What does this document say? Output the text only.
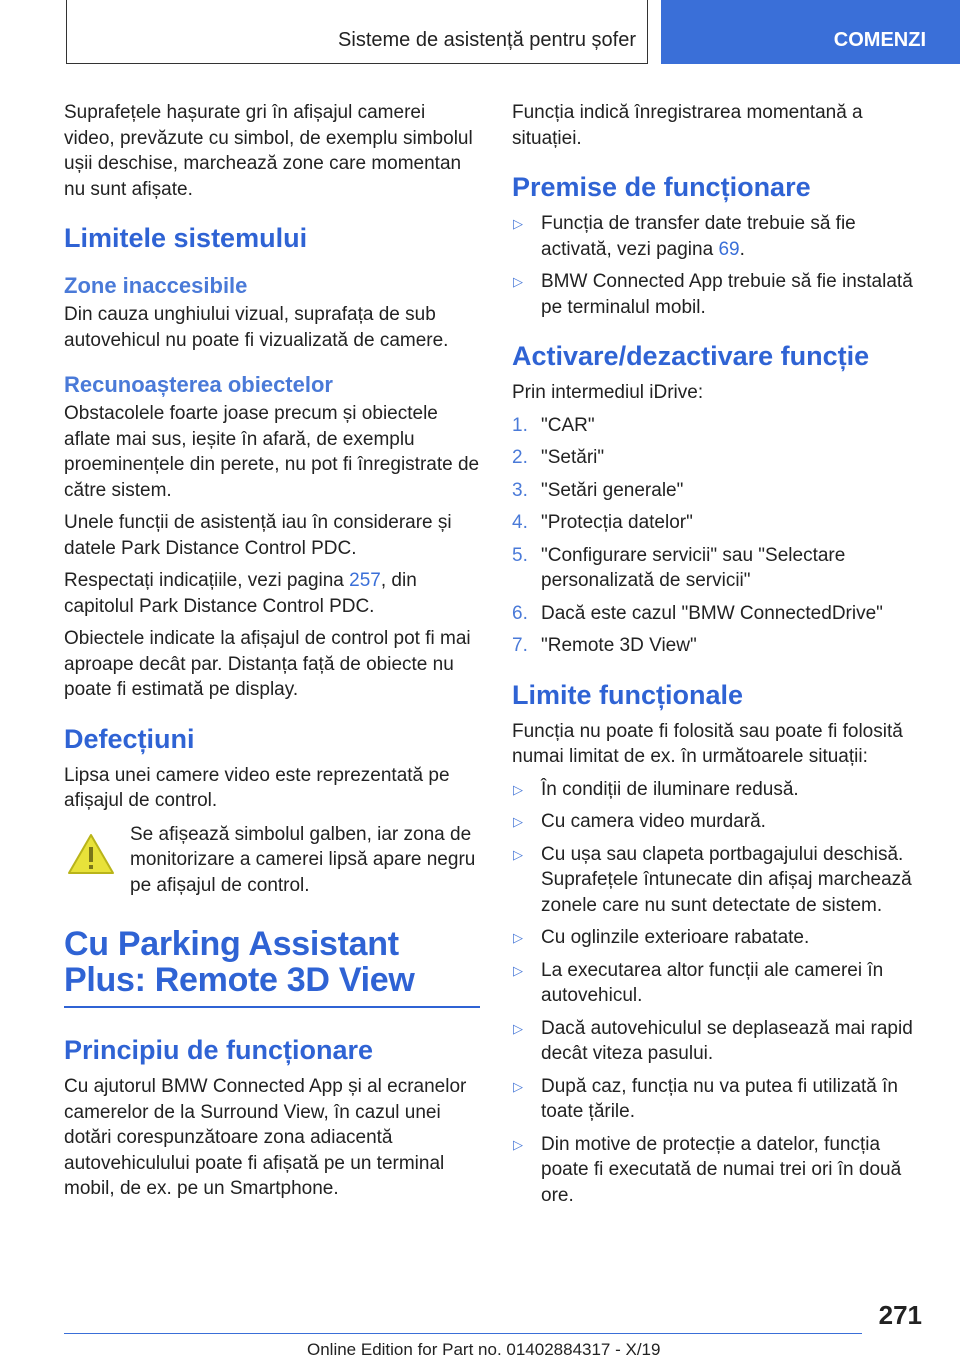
Sisteme de asistență pentru șofer	COMENZI

Suprafețele hașurate gri în afișajul camerei video, prevăzute cu simbol, de exemplu simbolul ușii deschise, marchează zone care momentan nu sunt afișate.

Limitele sistemului
Zone inaccesibile

Din cauza unghiului vizual, suprafața de sub autovehicul nu poate fi vizualizată de camere.

Recunoașterea obiectelor

Obstacolele foarte joase precum și obiectele aflate mai sus, ieșite în afară, de exemplu proeminențele din perete, nu pot fi înregistrate de către sistem.

Unele funcții de asistență iau în considerare și datele Park Distance Control PDC.

Respectați indicațiile, vezi pagina 257, din capitolul Park Distance Control PDC.

Obiectele indicate la afișajul de control pot fi mai aproape decât par. Distanța față de obiecte nu poate fi estimată pe display.

Defecțiuni

Lipsa unei camere video este reprezentată pe afișajul de control.

Se afișează simbolul galben, iar zona de monitorizare a camerei lipsă apare negru pe afișajul de control.

Cu Parking Assistant Plus: Remote 3D View
Principiu de funcționare

Cu ajutorul BMW Connected App și al ecranelor camerelor de la Surround View, în cazul unei dotări corespunzătoare zona adiacentă autovehiculului poate fi afișată pe un terminal mobil, de ex. pe un Smartphone.

Funcția indică înregistrarea momentană a situației.

Premise de funcționare
▷ Funcția de transfer date trebuie să fie activată, vezi pagina 69.
▷ BMW Connected App trebuie să fie instalată pe terminalul mobil.
Activare/dezactivare funcție

Prin intermediul iDrive:

1. "CAR"
2. "Setări"
3. "Setări generale"
4. "Protecția datelor"
5. "Configurare servicii" sau "Selectare personalizată de servicii"
6. Dacă este cazul "BMW ConnectedDrive"
7. "Remote 3D View"
Limite funcționale

Funcția nu poate fi folosită sau poate fi folosită numai limitat de ex. în următoarele situații:

▷ În condiții de iluminare redusă.
▷ Cu camera video murdară.
▷ Cu ușa sau clapeta portbagajului deschisă. Suprafețele întunecate din afișaj marchează zonele care nu sunt detectate de sistem.
▷ Cu oglinzile exterioare rabatate.
▷ La executarea altor funcții ale camerei în autovehicul.
▷ Dacă autovehiculul se deplasează mai rapid decât viteza pasului.
▷ După caz, funcția nu va putea fi utilizată în toate țările.
▷ Din motive de protecție a datelor, funcția poate fi executată de numai trei ori în două ore.
271
Online Edition for Part no. 01402884317 - X/19
